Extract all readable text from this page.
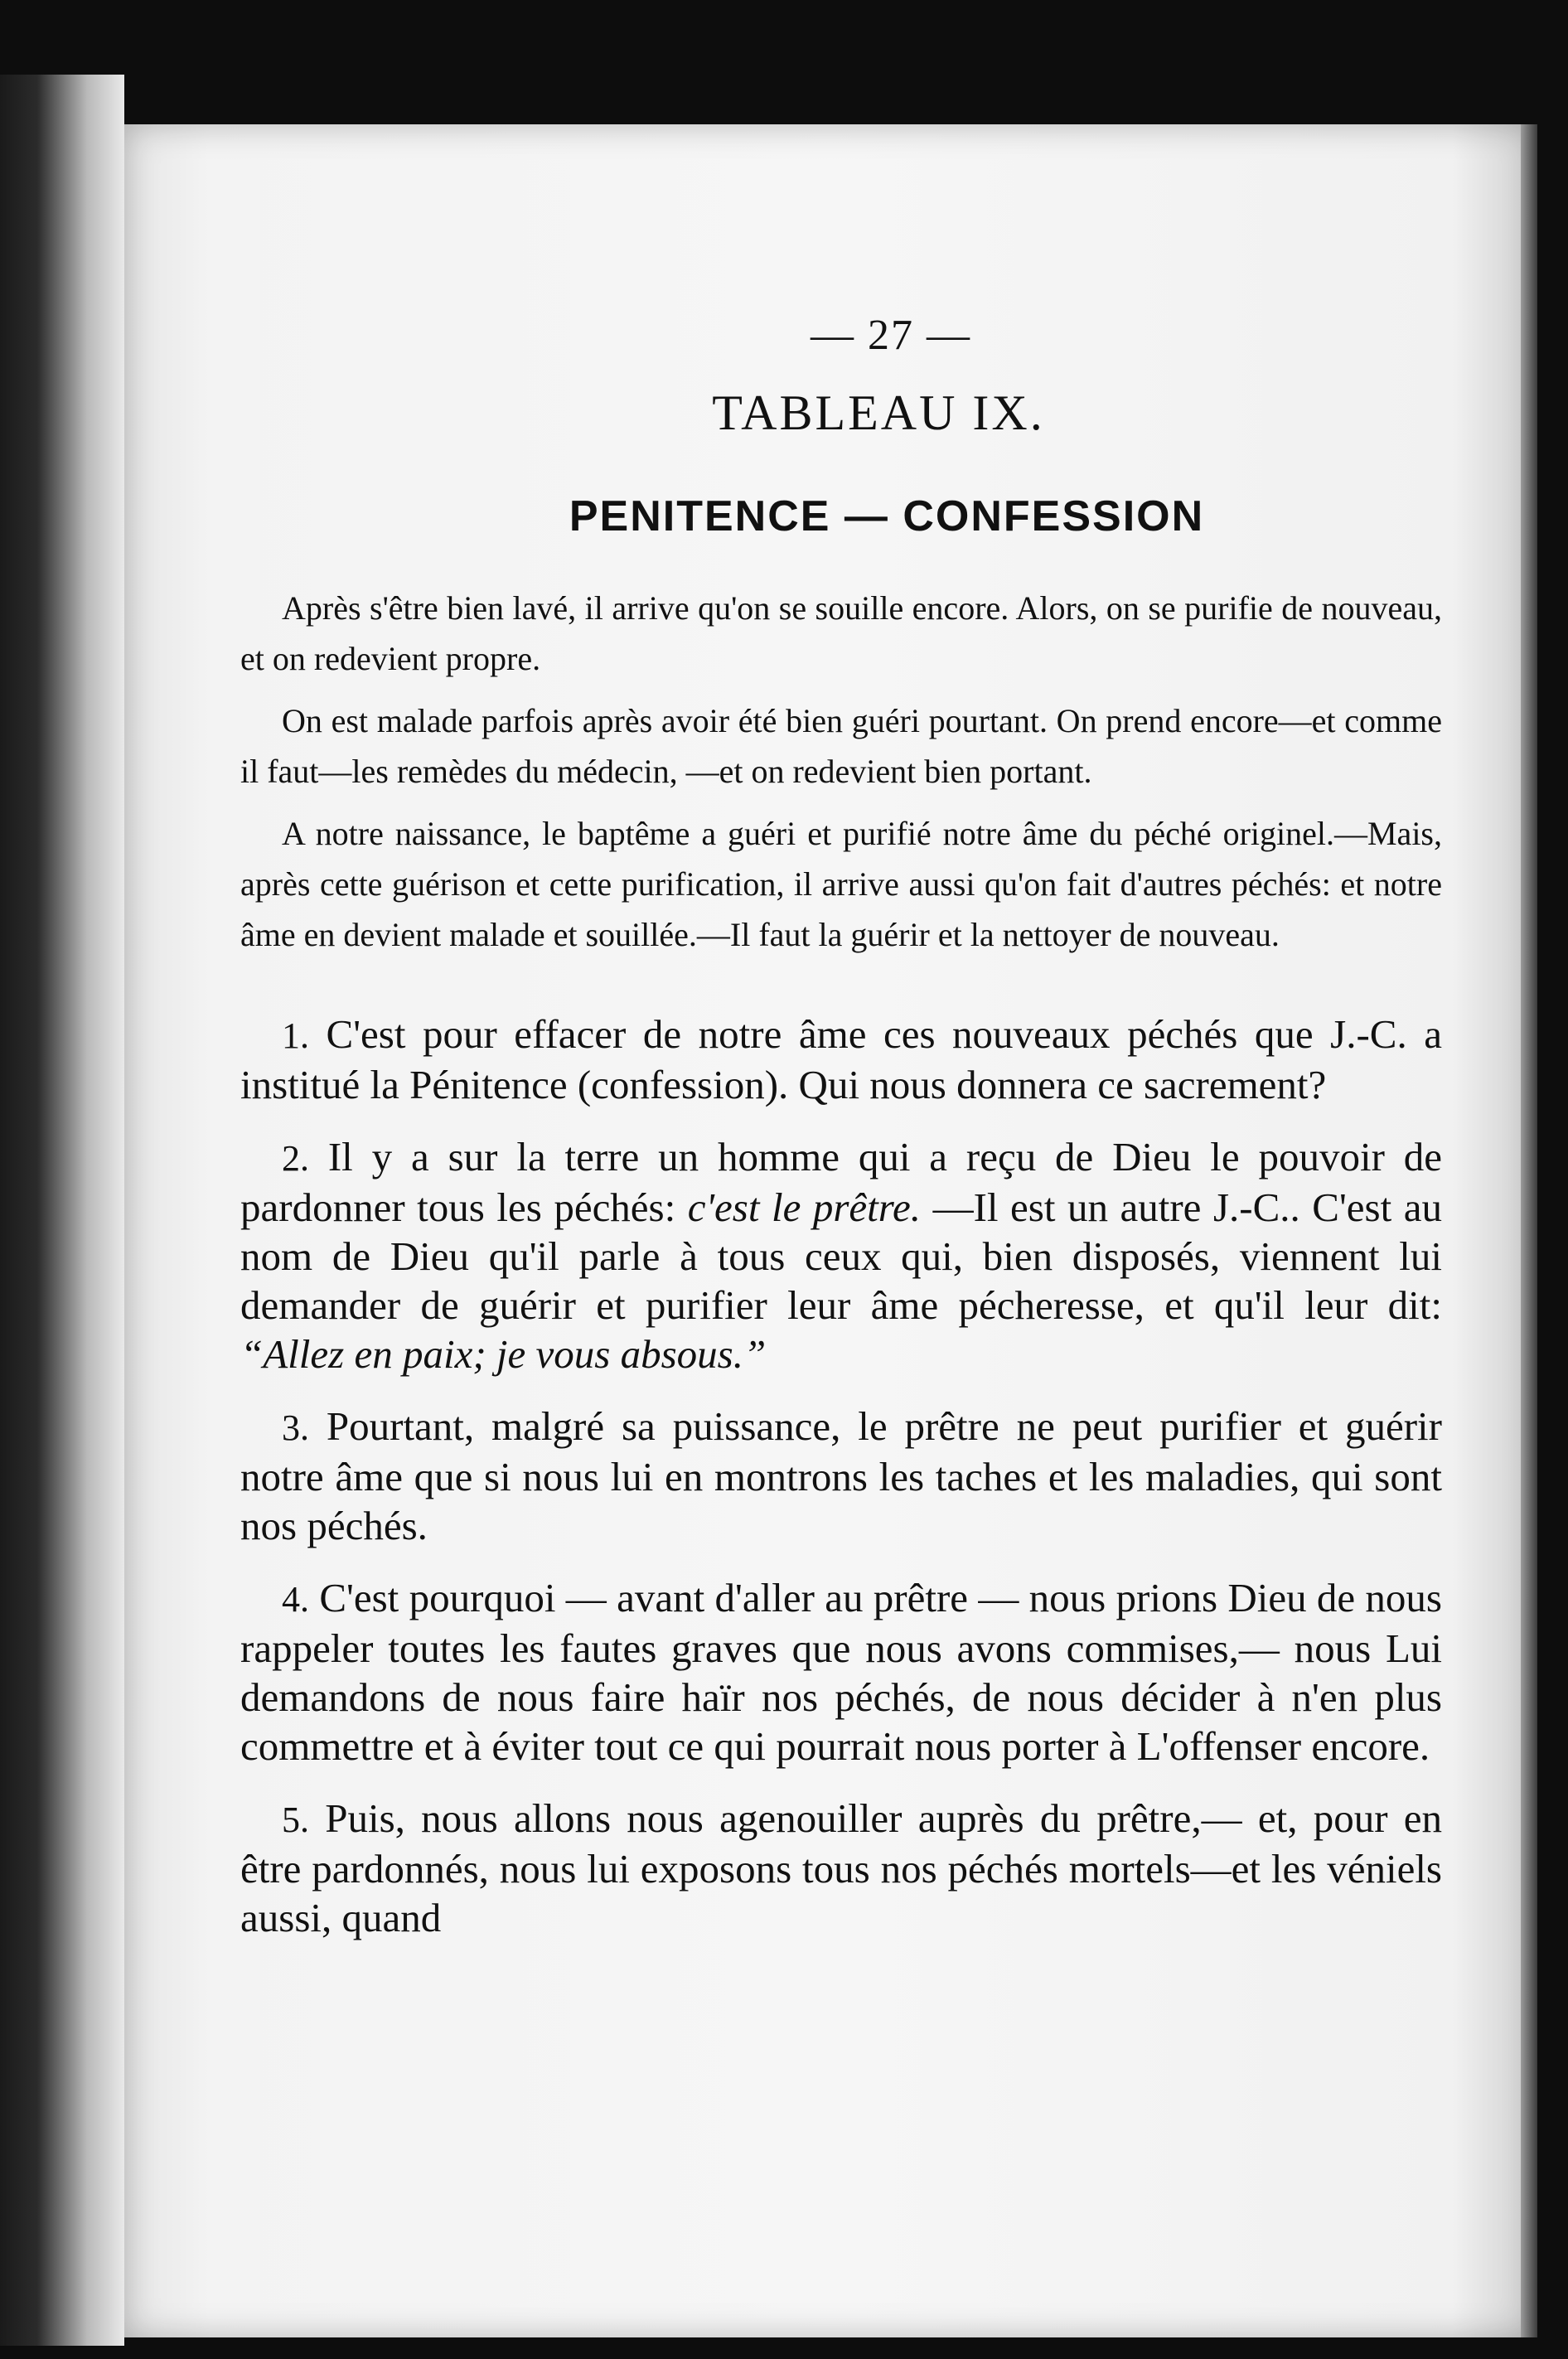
— 27 —
TABLEAU IX.
PENITENCE — CONFESSION

Après s'être bien lavé, il arrive qu'on se souille encore. Alors, on se purifie de nouveau, et on redevient propre.

On est malade parfois après avoir été bien guéri pourtant. On prend encore—et comme il faut—les remèdes du médecin, —et on redevient bien portant.

A notre naissance, le baptême a guéri et purifié notre âme du péché originel.—Mais, après cette guérison et cette purification, il arrive aussi qu'on fait d'autres péchés: et notre âme en devient malade et souillée.—Il faut la guérir et la nettoyer de nouveau.

1. C'est pour effacer de notre âme ces nouveaux péchés que J.-C. a institué la Pénitence (confession). Qui nous donnera ce sacrement?

2. Il y a sur la terre un homme qui a reçu de Dieu le pouvoir de pardonner tous les péchés: c'est le prêtre. —Il est un autre J.-C.. C'est au nom de Dieu qu'il parle à tous ceux qui, bien disposés, viennent lui demander de guérir et purifier leur âme pécheresse, et qu'il leur dit: “Allez en paix; je vous absous.”

3. Pourtant, malgré sa puissance, le prêtre ne peut purifier et guérir notre âme que si nous lui en montrons les taches et les maladies, qui sont nos péchés.

4. C'est pourquoi — avant d'aller au prêtre — nous prions Dieu de nous rappeler toutes les fautes graves que nous avons commises,— nous Lui demandons de nous faire haïr nos péchés, de nous décider à n'en plus commettre et à éviter tout ce qui pourrait nous porter à L'offenser encore.

5. Puis, nous allons nous agenouiller auprès du prêtre,— et, pour en être pardonnés, nous lui exposons tous nos péchés mortels—et les véniels aussi, quand
